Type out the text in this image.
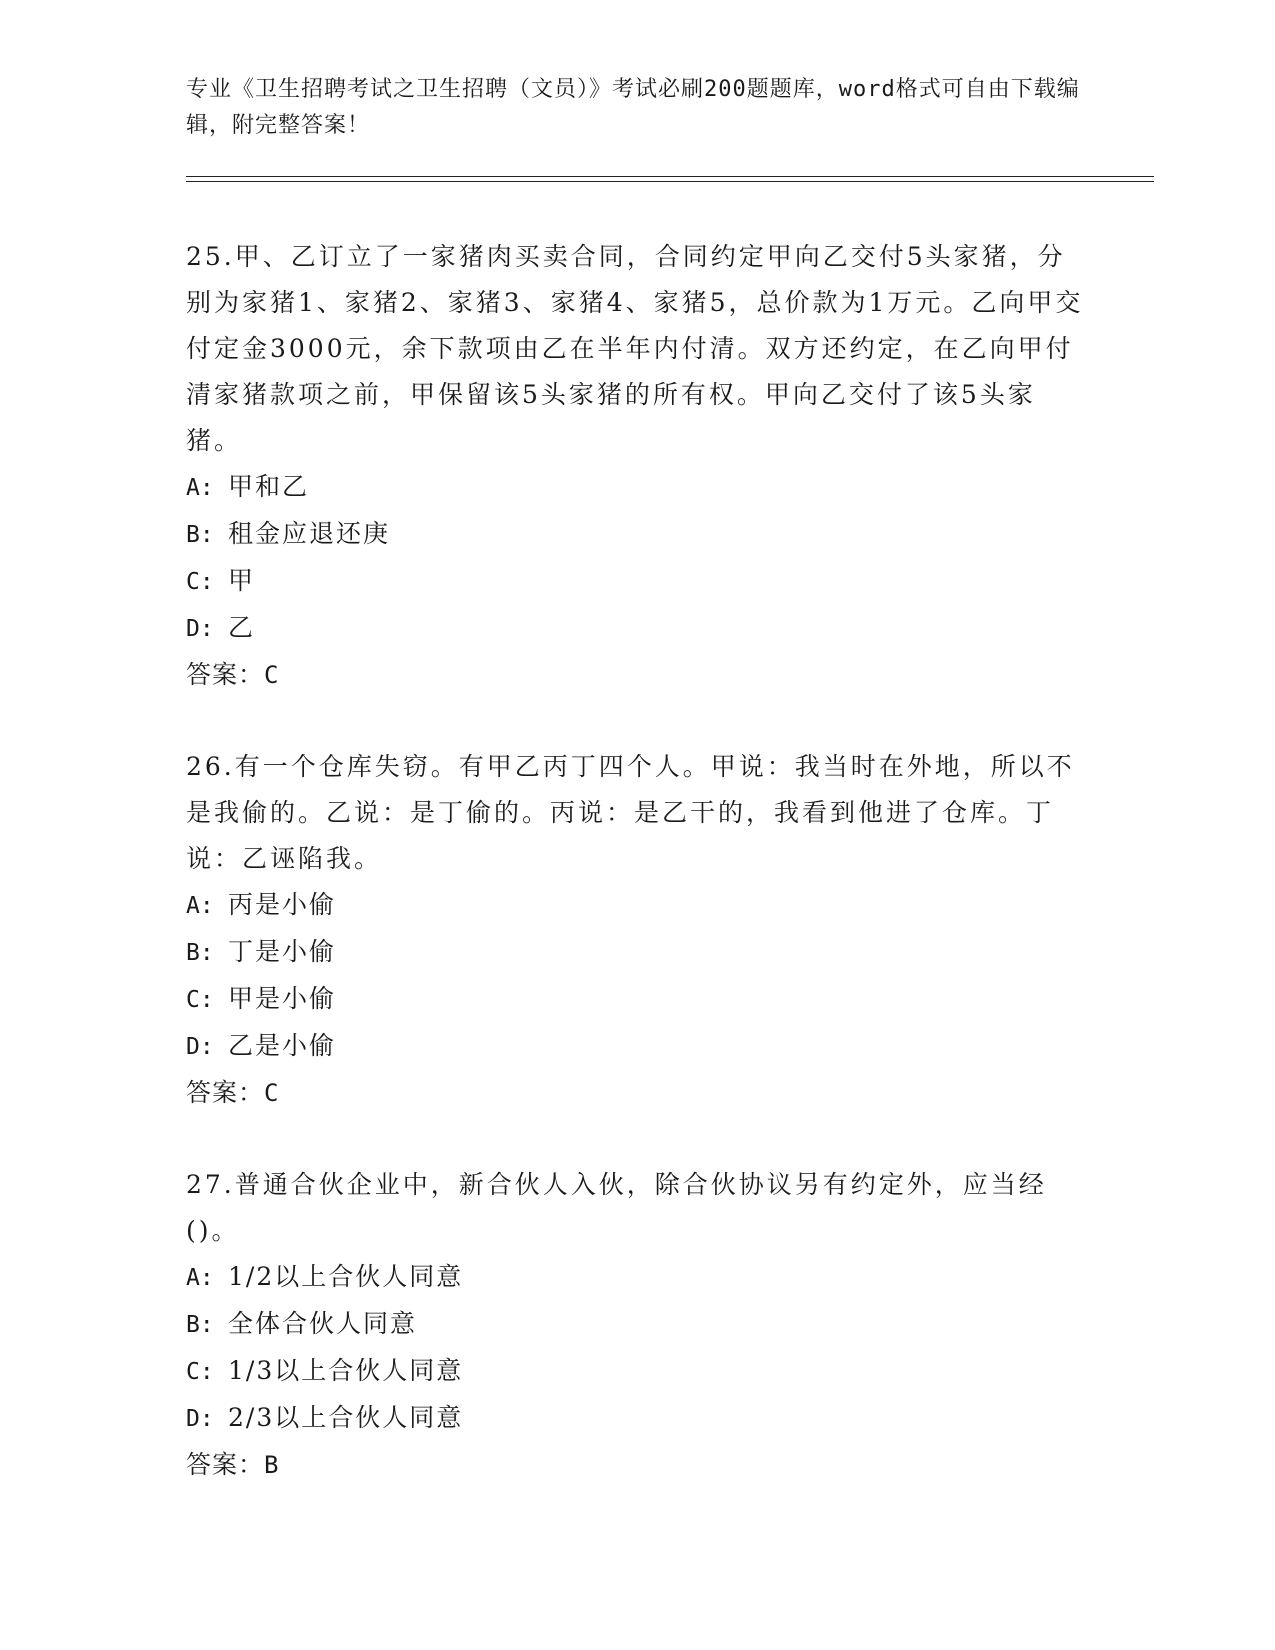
专业《卫生招聘考试之卫生招聘（文员）》考试必刷200题题库，word格式可自由下载编辑，附完整答案！

25.甲、乙订立了一家猪肉买卖合同，合同约定甲向乙交付5头家猪，分别为家猪1、家猪2、家猪3、家猪4、家猪5，总价款为1万元。乙向甲交付定金3000元，余下款项由乙在半年内付清。双方还约定，在乙向甲付清家猪款项之前，甲保留该5头家猪的所有权。甲向乙交付了该5头家猪。

A: 甲和乙

B: 租金应退还庚

C: 甲

D: 乙

答案：C

26.有一个仓库失窃。有甲乙丙丁四个人。甲说：我当时在外地，所以不是我偷的。乙说：是丁偷的。丙说：是乙干的，我看到他进了仓库。丁说：乙诬陷我。

A: 丙是小偷

B: 丁是小偷

C: 甲是小偷

D: 乙是小偷

答案：C

27.普通合伙企业中，新合伙人入伙，除合伙协议另有约定外，应当经()。

A: 1/2以上合伙人同意

B: 全体合伙人同意

C: 1/3以上合伙人同意

D: 2/3以上合伙人同意

答案：B
